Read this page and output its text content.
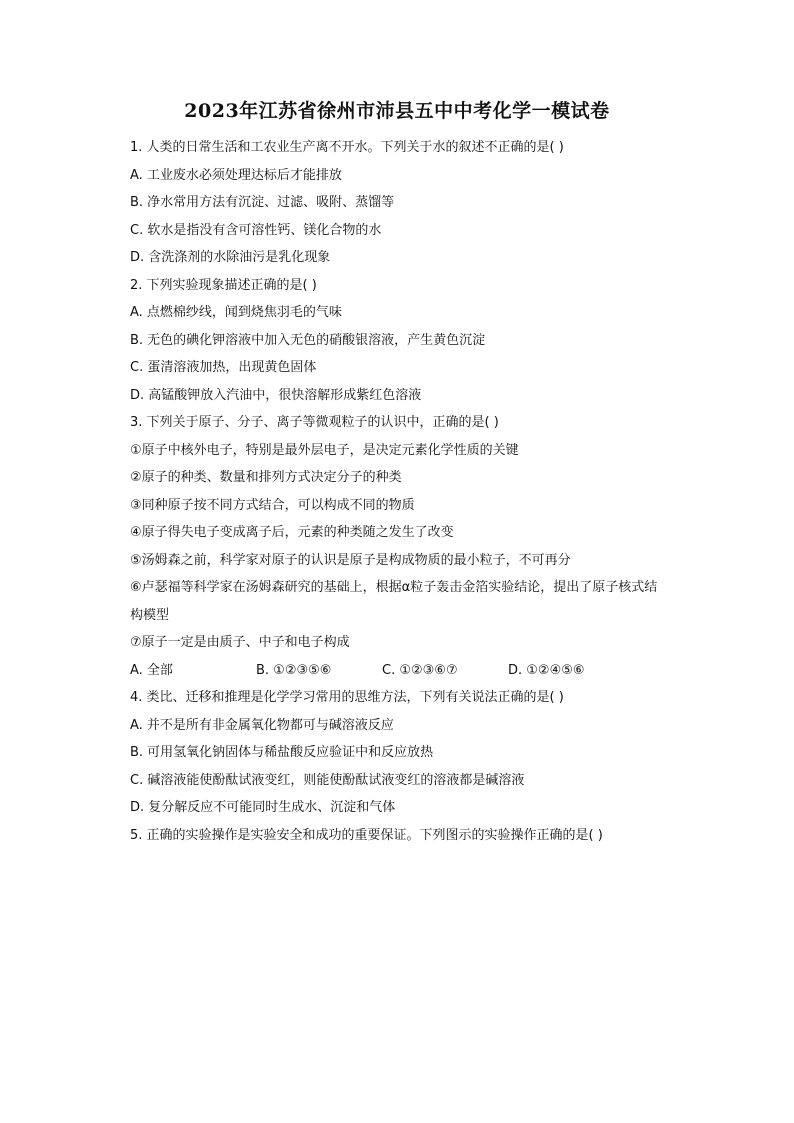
2023年江苏省徐州市沛县五中中考化学一模试卷
1. 人类的日常生活和工农业生产离不开水。下列关于水的叙述不正确的是( )
A. 工业废水必须处理达标后才能排放
B. 净水常用方法有沉淀、过滤、吸附、蒸馏等
C. 软水是指没有含可溶性钙、镁化合物的水
D. 含洗涤剂的水除油污是乳化现象
2. 下列实验现象描述正确的是( )
A. 点燃棉纱线，闻到烧焦羽毛的气味
B. 无色的碘化钾溶液中加入无色的硝酸银溶液，产生黄色沉淀
C. 蛋清溶液加热，出现黄色固体
D. 高锰酸钾放入汽油中，很快溶解形成紫红色溶液
3. 下列关于原子、分子、离子等微观粒子的认识中，正确的是( )
①原子中核外电子，特别是最外层电子，是决定元素化学性质的关键
②原子的种类、数量和排列方式决定分子的种类
③同种原子按不同方式结合，可以构成不同的物质
④原子得失电子变成离子后，元素的种类随之发生了改变
⑤汤姆森之前，科学家对原子的认识是原子是构成物质的最小粒子，不可再分
⑥卢瑟福等科学家在汤姆森研究的基础上，根据α粒子轰击金箔实验结论，提出了原子核式结
构模型
⑦原子一定是由质子、中子和电子构成
A. 全部	B. ①②③⑤⑥	C. ①②③⑥⑦	D. ①②④⑤⑥
4. 类比、迁移和推理是化学学习常用的思维方法，下列有关说法正确的是( )
A. 并不是所有非金属氧化物都可与碱溶液反应
B. 可用氢氧化钠固体与稀盐酸反应验证中和反应放热
C. 碱溶液能使酚酞试液变红，则能使酚酞试液变红的溶液都是碱溶液
D. 复分解反应不可能同时生成水、沉淀和气体
5. 正确的实验操作是实验安全和成功的重要保证。下列图示的实验操作正确的是( )
